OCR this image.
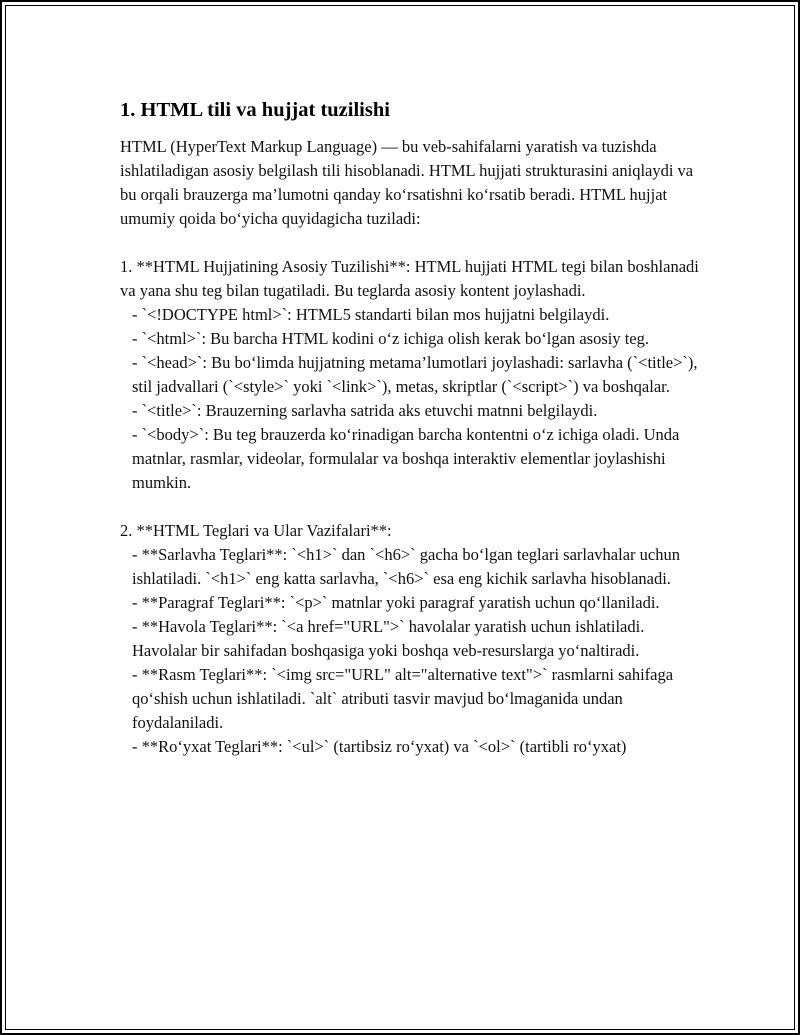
1. HTML tili va hujjat tuzilishi

HTML (HyperText Markup Language) — bu veb-sahifalarni yaratish va tuzishda ishlatiladigan asosiy belgilash tili hisoblanadi. HTML hujjati strukturasini aniqlaydi va bu orqali brauzerga ma’lumotni qanday ko‘rsatishni ko‘rsatib beradi. HTML hujjat umumiy qoida bo‘yicha quyidagicha tuziladi:

1. **HTML Hujjatining Asosiy Tuzilishi**: HTML hujjati HTML tegi bilan boshlanadi va yana shu teg bilan tugatiladi. Bu teglarda asosiy kontent joylashadi.

- `<!DOCTYPE html>`: HTML5 standarti bilan mos hujjatni belgilaydi.

- `<html>`: Bu barcha HTML kodini o‘z ichiga olish kerak bo‘lgan asosiy teg.

- `<head>`: Bu bo‘limda hujjatning metama’lumotlari joylashadi: sarlavha (`<title>`), stil jadvallari (`<style>` yoki `<link>`), metas, skriptlar (`<script>`) va boshqalar.

- `<title>`: Brauzerning sarlavha satrida aks etuvchi matnni belgilaydi.

- `<body>`: Bu teg brauzerda ko‘rinadigan barcha kontentni o‘z ichiga oladi. Unda matnlar, rasmlar, videolar, formulalar va boshqa interaktiv elementlar joylashishi mumkin.

2. **HTML Teglari va Ular Vazifalari**:

- **Sarlavha Teglari**: `<h1>` dan `<h6>` gacha bo‘lgan teglari sarlavhalar uchun ishlatiladi. `<h1>` eng katta sarlavha, `<h6>` esa eng kichik sarlavha hisoblanadi.

- **Paragraf Teglari**: `<p>` matnlar yoki paragraf yaratish uchun qo‘llaniladi.

- **Havola Teglari**: `<a href="URL">` havolalar yaratish uchun ishlatiladi. Havolalar bir sahifadan boshqasiga yoki boshqa veb-resurslarga yo‘naltiradi.

- **Rasm Teglari**: `<img src="URL" alt="alternative text">` rasmlarni sahifaga qo‘shish uchun ishlatiladi. `alt` atributi tasvir mavjud bo‘lmaganida undan foydalaniladi.

- **Ro‘yxat Teglari**: `<ul>` (tartibsiz ro‘yxat) va `<ol>` (tartibli ro‘yxat)
